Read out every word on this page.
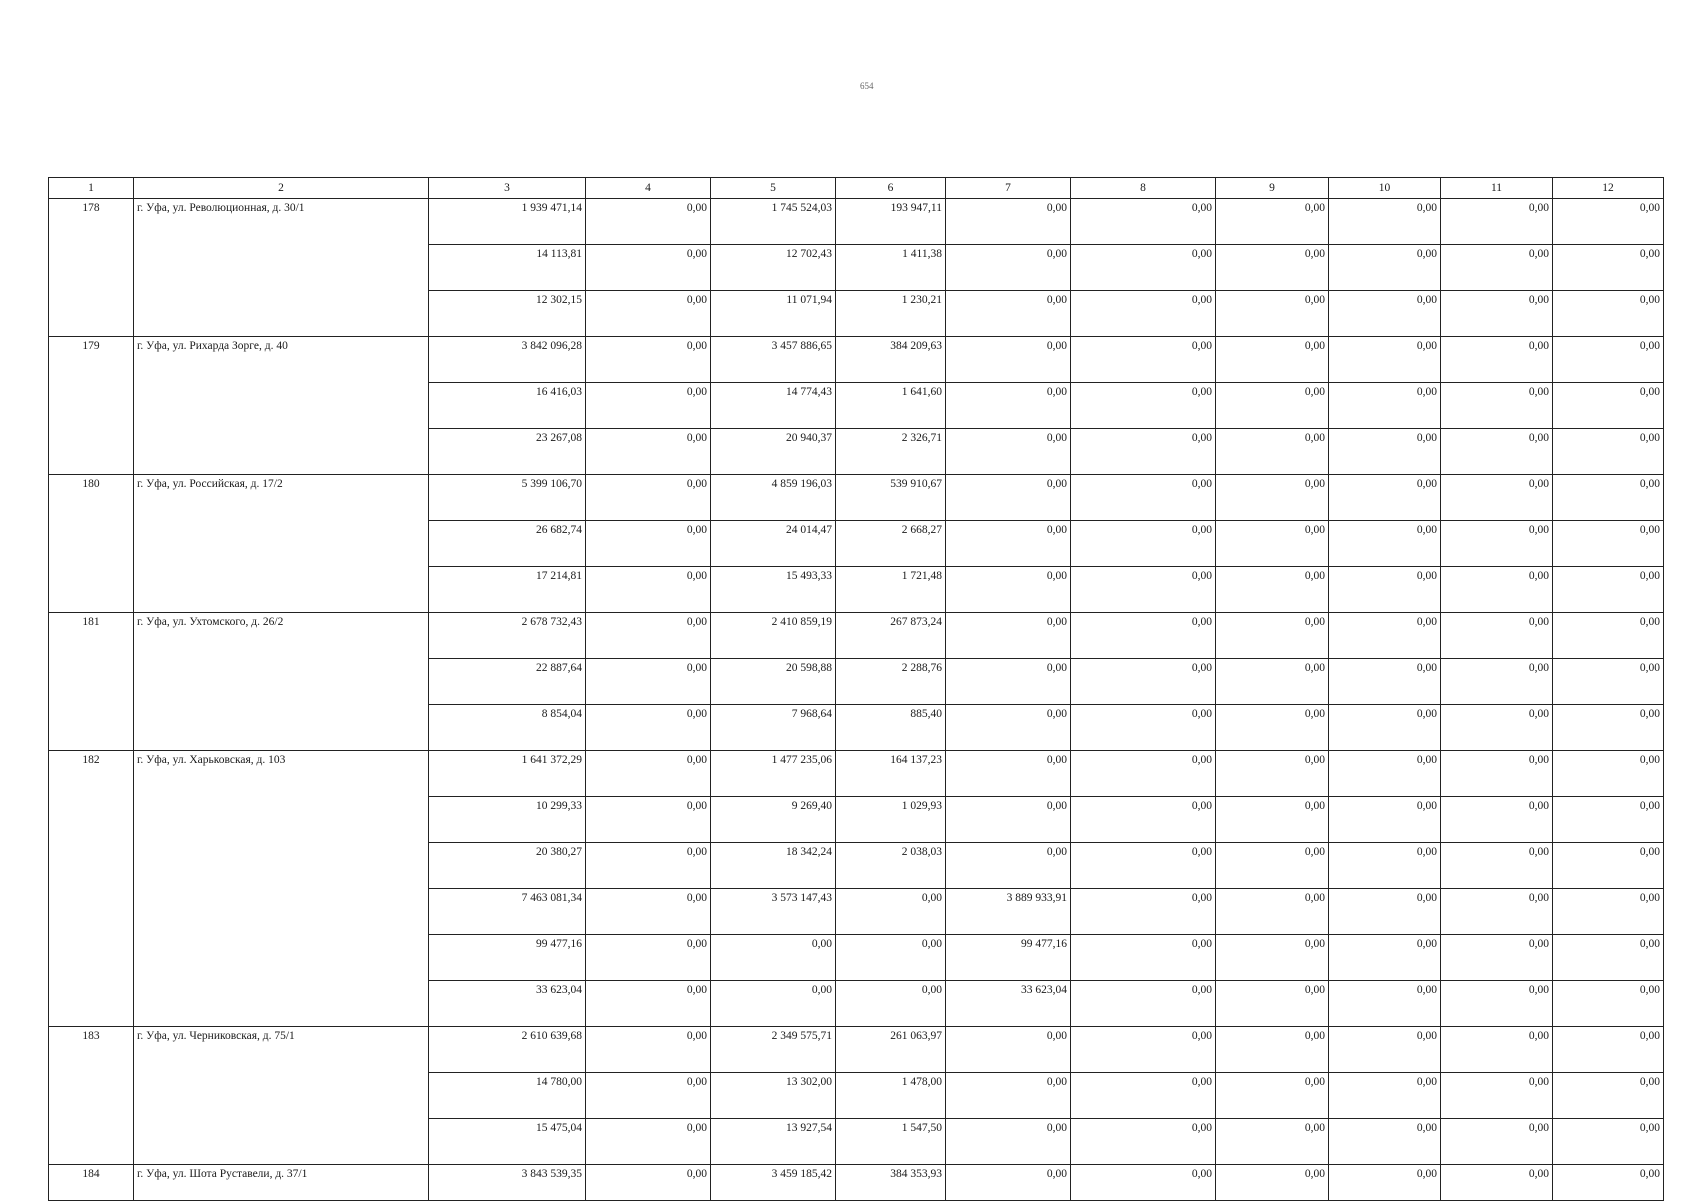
654
1	2	3	4	5	6	7	8	9	10	11	12
178	г. Уфа, ул. Революционная, д. 30/1	1 939 471,14	0,00	1 745 524,03	193 947,11	0,00	0,00	0,00	0,00	0,00	0,00
		14 113,81	0,00	12 702,43	1 411,38	0,00	0,00	0,00	0,00	0,00	0,00
		12 302,15	0,00	11 071,94	1 230,21	0,00	0,00	0,00	0,00	0,00	0,00
179	г. Уфа, ул. Рихарда Зорге, д. 40	3 842 096,28	0,00	3 457 886,65	384 209,63	0,00	0,00	0,00	0,00	0,00	0,00
		16 416,03	0,00	14 774,43	1 641,60	0,00	0,00	0,00	0,00	0,00	0,00
		23 267,08	0,00	20 940,37	2 326,71	0,00	0,00	0,00	0,00	0,00	0,00
180	г. Уфа, ул. Российская, д. 17/2	5 399 106,70	0,00	4 859 196,03	539 910,67	0,00	0,00	0,00	0,00	0,00	0,00
		26 682,74	0,00	24 014,47	2 668,27	0,00	0,00	0,00	0,00	0,00	0,00
		17 214,81	0,00	15 493,33	1 721,48	0,00	0,00	0,00	0,00	0,00	0,00
181	г. Уфа, ул. Ухтомского, д. 26/2	2 678 732,43	0,00	2 410 859,19	267 873,24	0,00	0,00	0,00	0,00	0,00	0,00
		22 887,64	0,00	20 598,88	2 288,76	0,00	0,00	0,00	0,00	0,00	0,00
		8 854,04	0,00	7 968,64	885,40	0,00	0,00	0,00	0,00	0,00	0,00
182	г. Уфа, ул. Харьковская, д. 103	1 641 372,29	0,00	1 477 235,06	164 137,23	0,00	0,00	0,00	0,00	0,00	0,00
		10 299,33	0,00	9 269,40	1 029,93	0,00	0,00	0,00	0,00	0,00	0,00
		20 380,27	0,00	18 342,24	2 038,03	0,00	0,00	0,00	0,00	0,00	0,00
		7 463 081,34	0,00	3 573 147,43	0,00	3 889 933,91	0,00	0,00	0,00	0,00	0,00
		99 477,16	0,00	0,00	0,00	99 477,16	0,00	0,00	0,00	0,00	0,00
		33 623,04	0,00	0,00	0,00	33 623,04	0,00	0,00	0,00	0,00	0,00
183	г. Уфа, ул. Черниковская, д. 75/1	2 610 639,68	0,00	2 349 575,71	261 063,97	0,00	0,00	0,00	0,00	0,00	0,00
		14 780,00	0,00	13 302,00	1 478,00	0,00	0,00	0,00	0,00	0,00	0,00
		15 475,04	0,00	13 927,54	1 547,50	0,00	0,00	0,00	0,00	0,00	0,00
184	г. Уфа, ул. Шота Руставели, д. 37/1	3 843 539,35	0,00	3 459 185,42	384 353,93	0,00	0,00	0,00	0,00	0,00	0,00
